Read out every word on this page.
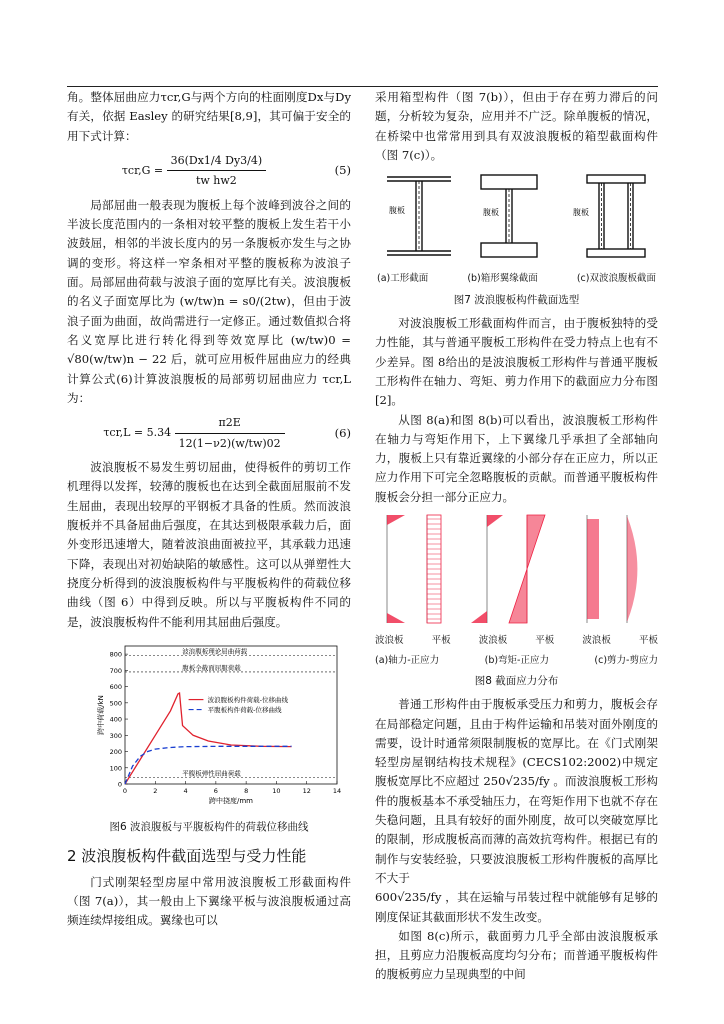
角。整体屈曲应力τcr,G与两个方向的柱面刚度Dx与Dy有关，依据 Easley 的研究结果[8,9]，其可偏于安全的用下式计算：

$\tau cr,G = \frac{36(Dx1/4 Dy3/4)}{\text{tw hw2}}$	(5)

局部屈曲一般表现为腹板上每个波峰到波谷之间的半波长度范围内的一条相对较平整的腹板上发生若干小波鼓屈，相邻的半波长度内的另一条腹板亦发生与之协调的变形。将这样一窄条相对平整的腹板称为波浪子面。局部屈曲荷载与波浪子面的宽厚比有关。波浪腹板的名义子面宽厚比为 (w/tw)n = s0/(2tw)，但由于波浪子面为曲面，故尚需进行一定修正。通过数值拟合将名义宽厚比进行转化得到等效宽厚比 (w/tw)0 = √80(w/tw)n − 22 后，就可应用板件屈曲应力的经典计算公式(6)计算波浪腹板的局部剪切屈曲应力 τcr,L 为：

$\tau cr,L = 5.34 \frac{\pi 2E}{12(1-\nu 2)(w/tw)02}$	(6)

波浪腹板不易发生剪切屈曲，使得板件的剪切工作机理得以发挥，较薄的腹板也在达到全截面屈服前不发生屈曲，表现出较厚的平钢板才具备的性质。然而波浪腹板并不具备屈曲后强度，在其达到极限承载力后，面外变形迅速增大，随着波浪曲面被拉平，其承载力迅速下降，表现出对初始缺陷的敏感性。这可以从弹塑性大挠度分析得到的波浪腹板构件与平腹板构件的荷载位移曲线（图 6）中得到反映。所以与平腹板构件不同的是，波浪腹板构件不能利用其屈曲后强度。

0
100
200
300
400
500
600
700
800
0	2	4	6	8	10	12	14
跨中挠度/mm
跨中荷载/kN
波浪腹板理论屈曲荷载
腹板全截面屈服荷载
平腹板弹性屈曲荷载
波浪腹板构件荷载-位移曲线
平腹板构件荷载-位移曲线
图6 波浪腹板与平腹板构件的荷载位移曲线
2 波浪腹板构件截面选型与受力性能

门式刚架轻型房屋中常用波浪腹板工形截面构件（图 7(a)），其一般由上下翼缘平板与波浪腹板通过高频连续焊接组成。翼缘也可以

采用箱型构件（图 7(b)），但由于存在剪力滞后的问题，分析较为复杂，应用并不广泛。除单腹板的情况，在桥梁中也常常用到具有双波浪腹板的箱型截面构件（图 7(c)）。

腹板	腹板	腹板
(a)工形截面	(b)箱形翼缘截面	(c)双波浪腹板截面
图7 波浪腹板构件截面选型

对波浪腹板工形截面构件而言，由于腹板独特的受力性能，其与普通平腹板工形构件在受力特点上也有不少差异。图 8给出的是波浪腹板工形构件与普通平腹板工形构件在轴力、弯矩、剪力作用下的截面应力分布图[2]。

从图 8(a)和图 8(b)可以看出，波浪腹板工形构件在轴力与弯矩作用下，上下翼缘几乎承担了全部轴向力，腹板上只有靠近翼缘的小部分存在正应力，所以正应力作用下可完全忽略腹板的贡献。而普通平腹板构件腹板会分担一部分正应力。

波浪板	平板	波浪板	平板	波浪板	平板
(a)轴力-正应力	(b)弯矩-正应力	(c)剪力-剪应力
图8 截面应力分布

普通工形构件由于腹板承受压力和剪力，腹板会存在局部稳定问题，且由于构件运输和吊装对面外刚度的需要，设计时通常须限制腹板的宽厚比。在《门式刚架轻型房屋钢结构技术规程》(CECS102:2002)中规定腹板宽厚比不应超过 250√235/fy 。而波浪腹板工形构件的腹板基本不承受轴压力，在弯矩作用下也就不存在失稳问题，且具有较好的面外刚度，故可以突破宽厚比的限制，形成腹板高而薄的高效抗弯构件。根据已有的制作与安装经验，只要波浪腹板工形构件腹板的高厚比不大于

600√235/fy ，其在运输与吊装过程中就能够有足够的刚度保证其截面形状不发生改变。

如图 8(c)所示，截面剪力几乎全部由波浪腹板承担，且剪应力沿腹板高度均匀分布；而普通平腹板构件的腹板剪应力呈现典型的中间
